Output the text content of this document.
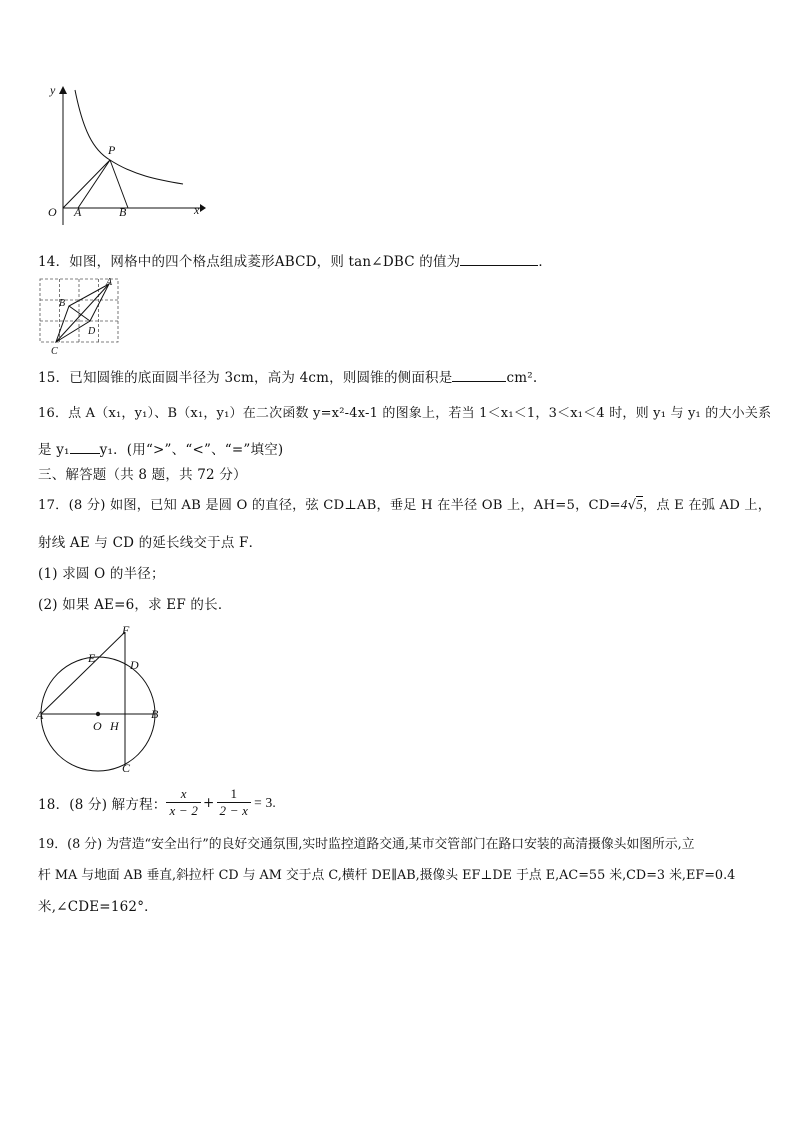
y
x
O A	B
P
14．如图，网格中的四个格点组成菱形ABCD，则 tan∠DBC 的值为	．
A
B
C
D
15．已知圆锥的底面圆半径为 3cm，高为 4cm，则圆锥的侧面积是	cm².
16．点 A（x₁，y₁）、B（x₁，y₁）在二次函数 y=x²-4x-1 的图象上，若当 1＜x₁＜1，3＜x₁＜4 时，则 y₁ 与 y₁ 的大小关系
是 y₁ y₁．(用“>”、“<”、“=”填空)
三、解答题（共 8 题，共 72 分）
17．(8 分) 如图，已知 AB 是圆 O 的直径，弦 CD⊥AB，垂足 H 在半径 OB 上，AH=5，CD=4√5，点 E 在弧 AD 上，
射线 AE 与 CD 的延长线交于点 F．
(1) 求圆 O 的半径；
(2) 如果 AE=6，求 EF 的长．
A	B
C
D
E
F
O H
18．(8 分) 解方程： $\frac{x}{x - 2} + \frac{1}{2 - x} = 3$.
19．(8 分) 为营造“安全出行”的良好交通氛围,实时监控道路交通,某市交管部门在路口安装的高清摄像头如图所示,立
杆 MA 与地面 AB 垂直,斜拉杆 CD 与 AM 交于点 C,横杆 DE∥AB,摄像头 EF⊥DE 于点 E,AC=55 米,CD=3 米,EF=0.4
米,∠CDE=162°．
